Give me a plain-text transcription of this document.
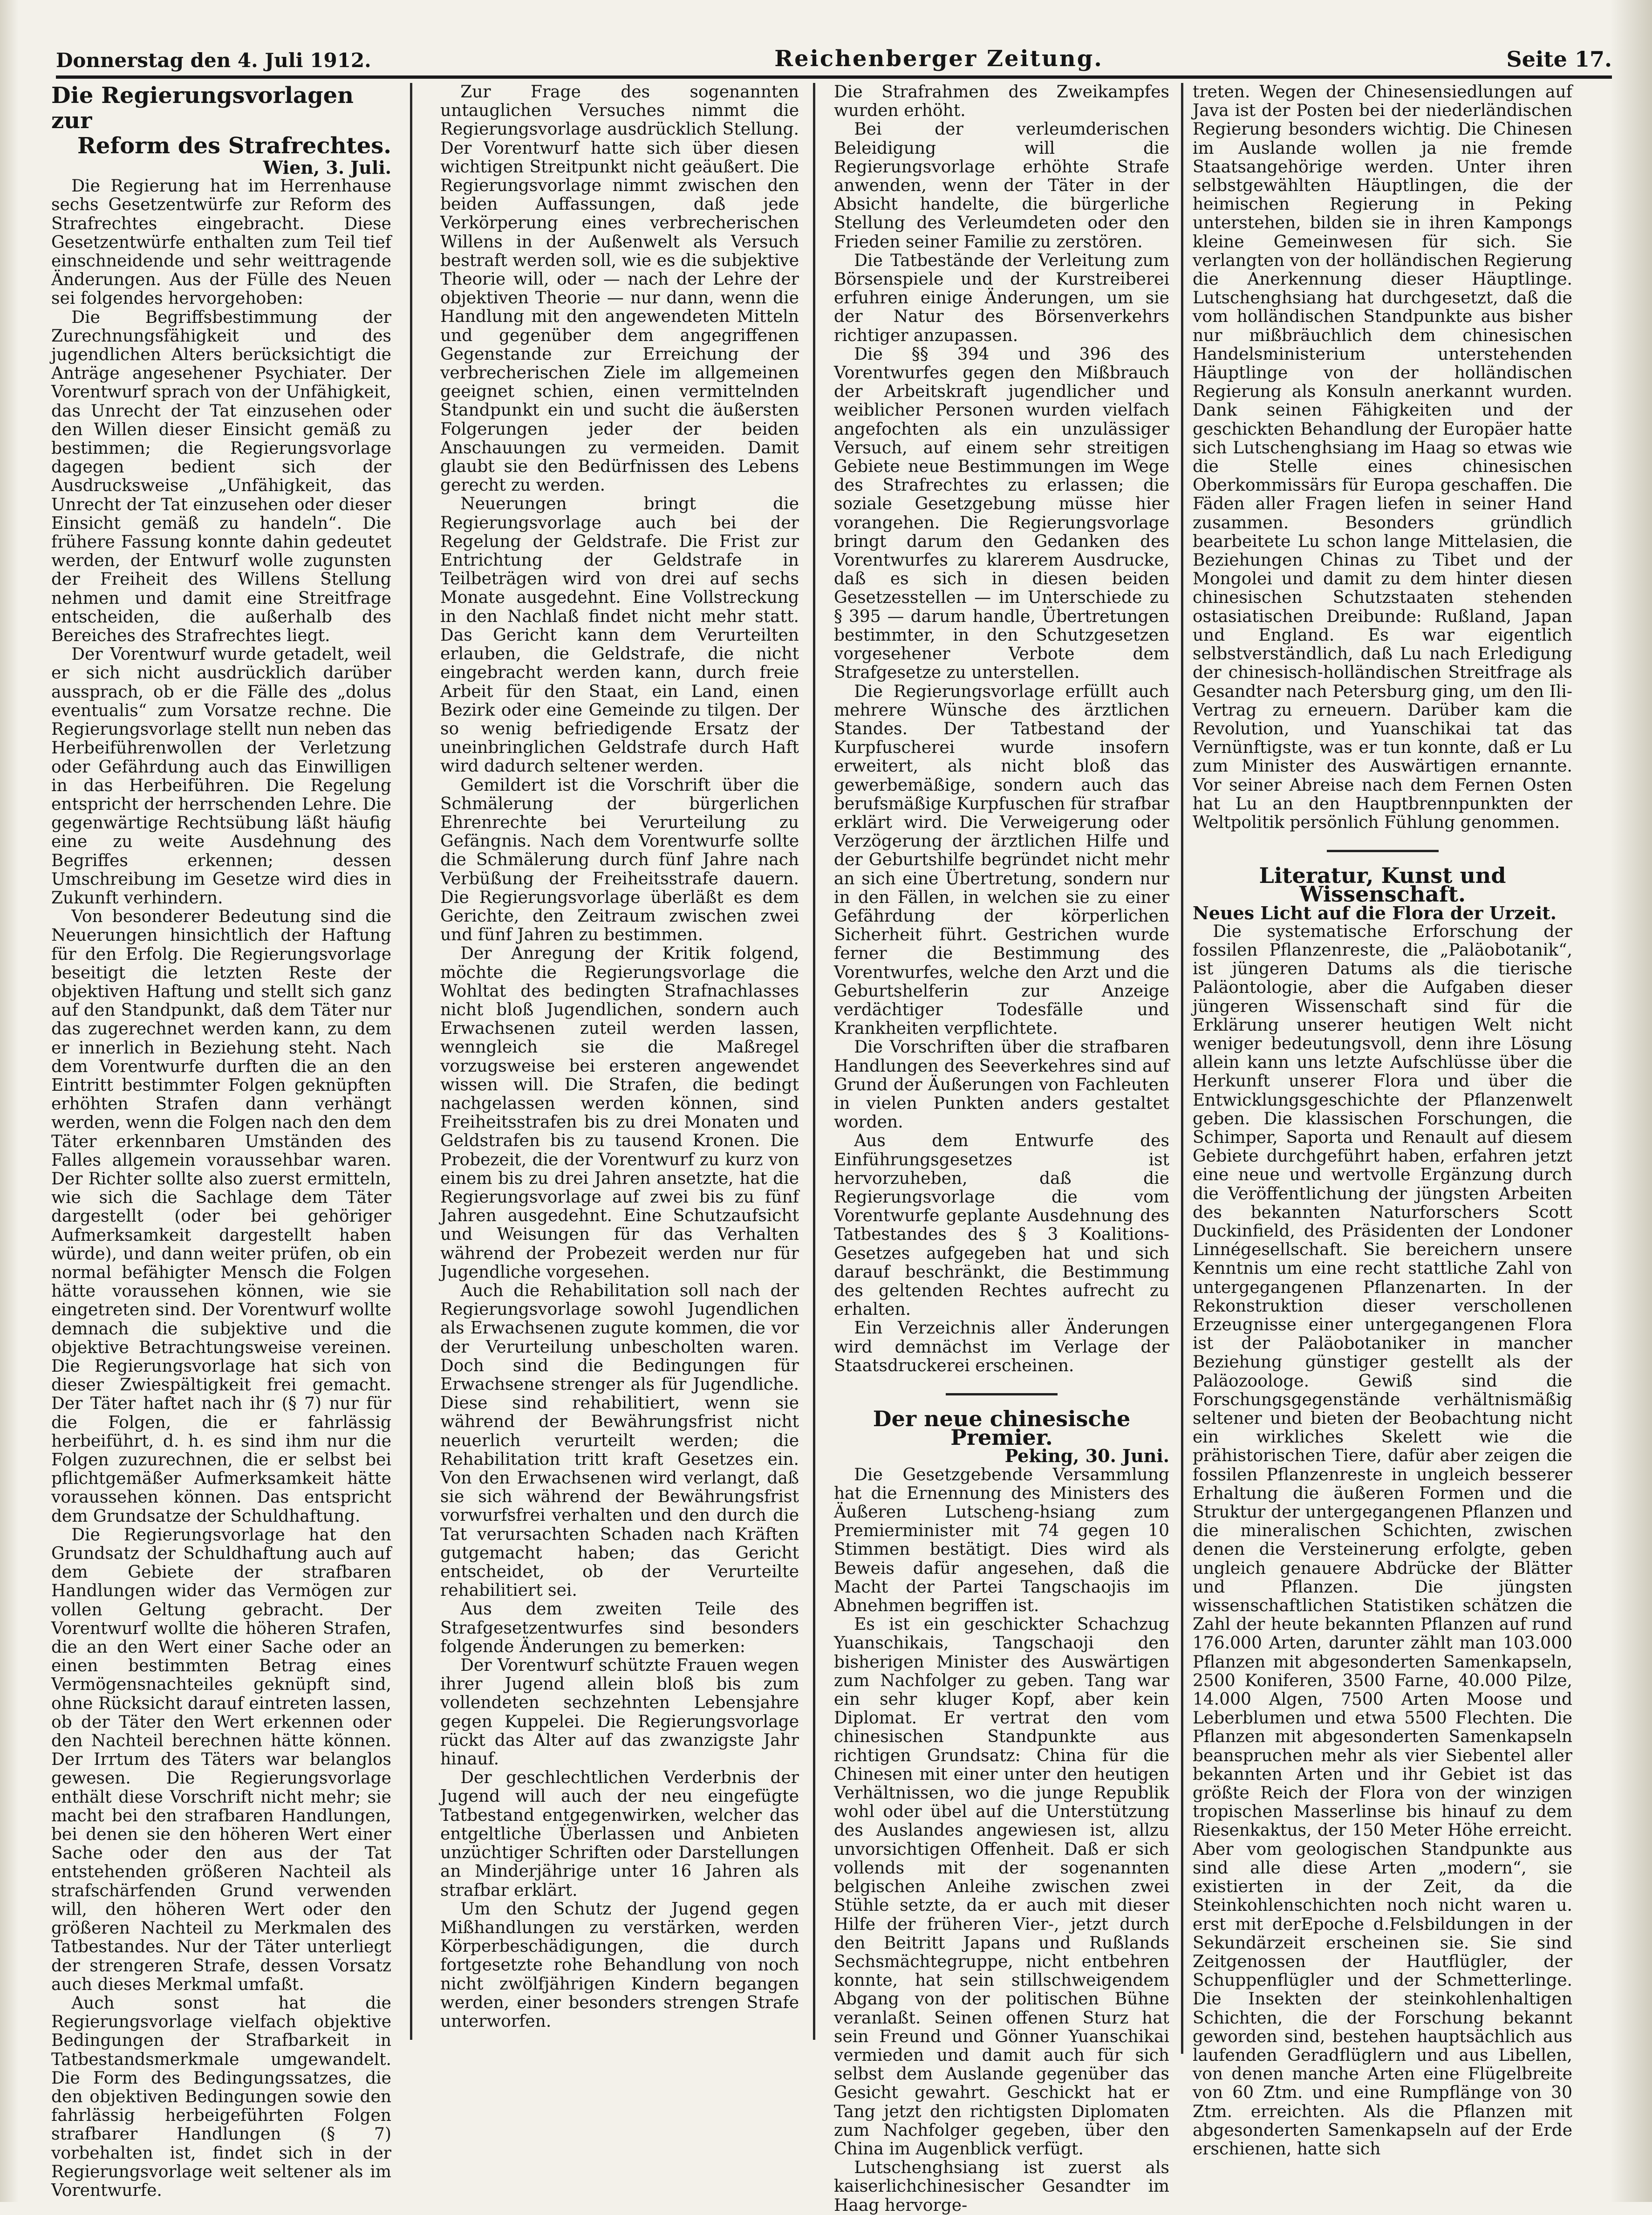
Donnerstag den 4. Juli 1912.	Reichenberger Zeitung.	Seite 17.
Die Regierungsvorlagen zur
Reform des Strafrechtes.
Wien, 3. Juli.

Die Regierung hat im Herrenhause sechs Gesetzentwürfe zur Reform des Strafrechtes eingebracht. Diese Gesetzentwürfe enthalten zum Teil tief einschneidende und sehr weittragende Änderungen. Aus der Fülle des Neuen sei folgendes hervorgehoben:

Die Begriffsbestimmung der Zurechnungsfähigkeit und des jugendlichen Alters berücksichtigt die Anträge angesehener Psychiater. Der Vorentwurf sprach von der Unfähigkeit, das Unrecht der Tat einzusehen oder den Willen dieser Einsicht gemäß zu bestimmen; die Regierungsvorlage dagegen bedient sich der Ausdrucksweise „Unfähigkeit, das Unrecht der Tat einzusehen oder dieser Einsicht gemäß zu handeln“. Die frühere Fassung konnte dahin gedeutet werden, der Entwurf wolle zugunsten der Freiheit des Willens Stellung nehmen und damit eine Streitfrage entscheiden, die außerhalb des Bereiches des Strafrechtes liegt.

Der Vorentwurf wurde getadelt, weil er sich nicht ausdrücklich darüber aussprach, ob er die Fälle des „dolus eventualis“ zum Vorsatze rechne. Die Regierungsvorlage stellt nun neben das Herbeiführenwollen der Verletzung oder Gefährdung auch das Einwilligen in das Herbeiführen. Die Regelung entspricht der herrschenden Lehre. Die gegenwärtige Rechtsübung läßt häufig eine zu weite Ausdehnung des Begriffes erkennen; dessen Umschreibung im Gesetze wird dies in Zukunft verhindern.

Von besonderer Bedeutung sind die Neuerungen hinsichtlich der Haftung für den Erfolg. Die Regierungsvorlage beseitigt die letzten Reste der objektiven Haftung und stellt sich ganz auf den Standpunkt, daß dem Täter nur das zugerechnet werden kann, zu dem er innerlich in Beziehung steht. Nach dem Vorentwurfe durften die an den Eintritt bestimmter Folgen geknüpften erhöhten Strafen dann verhängt werden, wenn die Folgen nach den dem Täter erkennbaren Umständen des Falles allgemein voraussehbar waren. Der Richter sollte also zuerst ermitteln, wie sich die Sachlage dem Täter dargestellt (oder bei gehöriger Aufmerksamkeit dargestellt haben würde), und dann weiter prüfen, ob ein normal befähigter Mensch die Folgen hätte voraussehen können, wie sie eingetreten sind. Der Vorentwurf wollte demnach die subjektive und die objektive Betrachtungsweise vereinen. Die Regierungsvorlage hat sich von dieser Zwiespältigkeit frei gemacht. Der Täter haftet nach ihr (§ 7) nur für die Folgen, die er fahrlässig herbeiführt, d. h. es sind ihm nur die Folgen zuzurechnen, die er selbst bei pflichtgemäßer Aufmerksamkeit hätte voraussehen können. Das entspricht dem Grundsatze der Schuldhaftung.

Die Regierungsvorlage hat den Grundsatz der Schuldhaftung auch auf dem Gebiete der strafbaren Handlungen wider das Vermögen zur vollen Geltung gebracht. Der Vorentwurf wollte die höheren Strafen, die an den Wert einer Sache oder an einen bestimmten Betrag eines Vermögensnachteiles geknüpft sind, ohne Rücksicht darauf eintreten lassen, ob der Täter den Wert erkennen oder den Nachteil berechnen hätte können. Der Irrtum des Täters war belanglos gewesen. Die Regierungsvorlage enthält diese Vorschrift nicht mehr; sie macht bei den strafbaren Handlungen, bei denen sie den höheren Wert einer Sache oder den aus der Tat entstehenden größeren Nachteil als strafschärfenden Grund verwenden will, den höheren Wert oder den größeren Nachteil zu Merkmalen des Tatbestandes. Nur der Täter unterliegt der strengeren Strafe, dessen Vorsatz auch dieses Merkmal umfaßt.

Auch sonst hat die Regierungsvorlage vielfach objektive Bedingungen der Strafbarkeit in Tatbestandsmerkmale umgewandelt. Die Form des Bedingungssatzes, die den objektiven Bedingungen sowie den fahrlässig herbeigeführten Folgen strafbarer Handlungen (§ 7) vorbehalten ist, findet sich in der Regierungsvorlage weit seltener als im Vorentwurfe.

Zur Frage des sogenannten untauglichen Versuches nimmt die Regierungsvorlage ausdrücklich Stellung. Der Vorentwurf hatte sich über diesen wichtigen Streitpunkt nicht geäußert. Die Regierungsvorlage nimmt zwischen den beiden Auffassungen, daß jede Verkörperung eines verbrecherischen Willens in der Außenwelt als Versuch bestraft werden soll, wie es die subjektive Theorie will, oder — nach der Lehre der objektiven Theorie — nur dann, wenn die Handlung mit den angewendeten Mitteln und gegenüber dem angegriffenen Gegenstande zur Erreichung der verbrecherischen Ziele im allgemeinen geeignet schien, einen vermittelnden Standpunkt ein und sucht die äußersten Folgerungen jeder der beiden Anschauungen zu vermeiden. Damit glaubt sie den Bedürfnissen des Lebens gerecht zu werden.

Neuerungen bringt die Regierungsvorlage auch bei der Regelung der Geldstrafe. Die Frist zur Entrichtung der Geldstrafe in Teilbeträgen wird von drei auf sechs Monate ausgedehnt. Eine Vollstreckung in den Nachlaß findet nicht mehr statt. Das Gericht kann dem Verurteilten erlauben, die Geldstrafe, die nicht eingebracht werden kann, durch freie Arbeit für den Staat, ein Land, einen Bezirk oder eine Gemeinde zu tilgen. Der so wenig befriedigende Ersatz der uneinbringlichen Geldstrafe durch Haft wird dadurch seltener werden.

Gemildert ist die Vorschrift über die Schmälerung der bürgerlichen Ehrenrechte bei Verurteilung zu Gefängnis. Nach dem Vorentwurfe sollte die Schmälerung durch fünf Jahre nach Verbüßung der Freiheitsstrafe dauern. Die Regierungsvorlage überläßt es dem Gerichte, den Zeitraum zwischen zwei und fünf Jahren zu bestimmen.

Der Anregung der Kritik folgend, möchte die Regierungsvorlage die Wohltat des bedingten Strafnachlasses nicht bloß Jugendlichen, sondern auch Erwachsenen zuteil werden lassen, wenngleich sie die Maßregel vorzugsweise bei ersteren angewendet wissen will. Die Strafen, die bedingt nachgelassen werden können, sind Freiheitsstrafen bis zu drei Monaten und Geldstrafen bis zu tausend Kronen. Die Probezeit, die der Vorentwurf zu kurz von einem bis zu drei Jahren ansetzte, hat die Regierungsvorlage auf zwei bis zu fünf Jahren ausgedehnt. Eine Schutzaufsicht und Weisungen für das Verhalten während der Probezeit werden nur für Jugendliche vorgesehen.

Auch die Rehabilitation soll nach der Regierungsvorlage sowohl Jugendlichen als Erwachsenen zugute kommen, die vor der Verurteilung unbescholten waren. Doch sind die Bedingungen für Erwachsene strenger als für Jugendliche. Diese sind rehabilitiert, wenn sie während der Bewährungsfrist nicht neuerlich verurteilt werden; die Rehabilitation tritt kraft Gesetzes ein. Von den Erwachsenen wird verlangt, daß sie sich während der Bewährungsfrist vorwurfsfrei verhalten und den durch die Tat verursachten Schaden nach Kräften gutgemacht haben; das Gericht entscheidet, ob der Verurteilte rehabilitiert sei.

Aus dem zweiten Teile des Strafgesetzentwurfes sind besonders folgende Änderungen zu bemerken:

Der Vorentwurf schützte Frauen wegen ihrer Jugend allein bloß bis zum vollendeten sechzehnten Lebensjahre gegen Kuppelei. Die Regierungsvorlage rückt das Alter auf das zwanzigste Jahr hinauf.

Der geschlechtlichen Verderbnis der Jugend will auch der neu eingefügte Tatbestand entgegenwirken, welcher das entgeltliche Überlassen und Anbieten unzüchtiger Schriften oder Darstellungen an Minderjährige unter 16 Jahren als strafbar erklärt.

Um den Schutz der Jugend gegen Mißhandlungen zu verstärken, werden Körperbeschädigungen, die durch fortgesetzte rohe Behandlung von noch nicht zwölfjährigen Kindern begangen werden, einer besonders strengen Strafe unterworfen.

Die Strafrahmen des Zweikampfes wurden erhöht.

Bei der verleumderischen Beleidigung will die Regierungsvorlage erhöhte Strafe anwenden, wenn der Täter in der Absicht handelte, die bürgerliche Stellung des Verleumdeten oder den Frieden seiner Familie zu zerstören.

Die Tatbestände der Verleitung zum Börsenspiele und der Kurstreiberei erfuhren einige Änderungen, um sie der Natur des Börsenverkehrs richtiger anzupassen.

Die §§ 394 und 396 des Vorentwurfes gegen den Mißbrauch der Arbeitskraft jugendlicher und weiblicher Personen wurden vielfach angefochten als ein unzulässiger Versuch, auf einem sehr streitigen Gebiete neue Bestimmungen im Wege des Strafrechtes zu erlassen; die soziale Gesetzgebung müsse hier vorangehen. Die Regierungsvorlage bringt darum den Gedanken des Vorentwurfes zu klarerem Ausdrucke, daß es sich in diesen beiden Gesetzesstellen — im Unterschiede zu § 395 — darum handle, Übertretungen bestimmter, in den Schutzgesetzen vorgesehener Verbote dem Strafgesetze zu unterstellen.

Die Regierungsvorlage erfüllt auch mehrere Wünsche des ärztlichen Standes. Der Tatbestand der Kurpfuscherei wurde insofern erweitert, als nicht bloß das gewerbemäßige, sondern auch das berufsmäßige Kurpfuschen für strafbar erklärt wird. Die Verweigerung oder Verzögerung der ärztlichen Hilfe und der Geburtshilfe begründet nicht mehr an sich eine Übertretung, sondern nur in den Fällen, in welchen sie zu einer Gefährdung der körperlichen Sicherheit führt. Gestrichen wurde ferner die Bestimmung des Vorentwurfes, welche den Arzt und die Geburtshelferin zur Anzeige verdächtiger Todesfälle und Krankheiten verpflichtete.

Die Vorschriften über die strafbaren Handlungen des Seeverkehres sind auf Grund der Äußerungen von Fachleuten in vielen Punkten anders gestaltet worden.

Aus dem Entwurfe des Einführungsgesetzes ist hervorzuheben, daß die Regierungsvorlage die vom Vorentwurfe geplante Ausdehnung des Tatbestandes des § 3 Koalitions-Gesetzes aufgegeben hat und sich darauf beschränkt, die Bestimmung des geltenden Rechtes aufrecht zu erhalten.

Ein Verzeichnis aller Änderungen wird demnächst im Verlage der Staatsdruckerei erscheinen.

Der neue chinesische Premier.
Peking, 30. Juni.

Die Gesetzgebende Versammlung hat die Ernennung des Ministers des Äußeren Lutscheng-hsiang zum Premierminister mit 74 gegen 10 Stimmen bestätigt. Dies wird als Beweis dafür angesehen, daß die Macht der Partei Tangschaojis im Abnehmen begriffen ist.

Es ist ein geschickter Schachzug Yuanschikais, Tangschaoji den bisherigen Minister des Auswärtigen zum Nachfolger zu geben. Tang war ein sehr kluger Kopf, aber kein Diplomat. Er vertrat den vom chinesischen Standpunkte aus richtigen Grundsatz: China für die Chinesen mit einer unter den heutigen Verhältnissen, wo die junge Republik wohl oder übel auf die Unterstützung des Auslandes angewiesen ist, allzu unvorsichtigen Offenheit. Daß er sich vollends mit der sogenannten belgischen Anleihe zwischen zwei Stühle setzte, da er auch mit dieser Hilfe der früheren Vier-, jetzt durch den Beitritt Japans und Rußlands Sechsmächtegruppe, nicht entbehren konnte, hat sein stillschweigendem Abgang von der politischen Bühne veranlaßt. Seinen offenen Sturz hat sein Freund und Gönner Yuanschikai vermieden und damit auch für sich selbst dem Auslande gegenüber das Gesicht gewahrt. Geschickt hat er Tang jetzt den richtigsten Diplomaten zum Nachfolger gegeben, über den China im Augenblick verfügt.

Lutschenghsiang ist zuerst als kaiserlichchinesischer Gesandter im Haag hervorge-

treten. Wegen der Chinesensiedlungen auf Java ist der Posten bei der niederländischen Regierung besonders wichtig. Die Chinesen im Auslande wollen ja nie fremde Staatsangehörige werden. Unter ihren selbstgewählten Häuptlingen, die der heimischen Regierung in Peking unterstehen, bilden sie in ihren Kampongs kleine Gemeinwesen für sich. Sie verlangten von der holländischen Regierung die Anerkennung dieser Häuptlinge. Lutschenghsiang hat durchgesetzt, daß die vom holländischen Standpunkte aus bisher nur mißbräuchlich dem chinesischen Handelsministerium unterstehenden Häuptlinge von der holländischen Regierung als Konsuln anerkannt wurden. Dank seinen Fähigkeiten und der geschickten Behandlung der Europäer hatte sich Lutschenghsiang im Haag so etwas wie die Stelle eines chinesischen Oberkommissärs für Europa geschaffen. Die Fäden aller Fragen liefen in seiner Hand zusammen. Besonders gründlich bearbeitete Lu schon lange Mittelasien, die Beziehungen Chinas zu Tibet und der Mongolei und damit zu dem hinter diesen chinesischen Schutzstaaten stehenden ostasiatischen Dreibunde: Rußland, Japan und England. Es war eigentlich selbstverständlich, daß Lu nach Erledigung der chinesisch-holländischen Streitfrage als Gesandter nach Petersburg ging, um den Ili-Vertrag zu erneuern. Darüber kam die Revolution, und Yuanschikai tat das Vernünftigste, was er tun konnte, daß er Lu zum Minister des Auswärtigen ernannte. Vor seiner Abreise nach dem Fernen Osten hat Lu an den Hauptbrennpunkten der Weltpolitik persönlich Fühlung genommen.

Literatur, Kunst und Wissenschaft.
Neues Licht auf die Flora der Urzeit.

Die systematische Erforschung der fossilen Pflanzenreste, die „Paläobotanik“, ist jüngeren Datums als die tierische Paläontologie, aber die Aufgaben dieser jüngeren Wissenschaft sind für die Erklärung unserer heutigen Welt nicht weniger bedeutungsvoll, denn ihre Lösung allein kann uns letzte Aufschlüsse über die Herkunft unserer Flora und über die Entwicklungsgeschichte der Pflanzenwelt geben. Die klassischen Forschungen, die Schimper, Saporta und Renault auf diesem Gebiete durchgeführt haben, erfahren jetzt eine neue und wertvolle Ergänzung durch die Veröffentlichung der jüngsten Arbeiten des bekannten Naturforschers Scott Duckinfield, des Präsidenten der Londoner Linnégesellschaft. Sie bereichern unsere Kenntnis um eine recht stattliche Zahl von untergegangenen Pflanzenarten. In der Rekonstruktion dieser verschollenen Erzeugnisse einer untergegangenen Flora ist der Paläobotaniker in mancher Beziehung günstiger gestellt als der Paläozoologe. Gewiß sind die Forschungsgegenstände verhältnismäßig seltener und bieten der Beobachtung nicht ein wirkliches Skelett wie die prähistorischen Tiere, dafür aber zeigen die fossilen Pflanzenreste in ungleich besserer Erhaltung die äußeren Formen und die Struktur der untergegangenen Pflanzen und die mineralischen Schichten, zwischen denen die Versteinerung erfolgte, geben ungleich genauere Abdrücke der Blätter und Pflanzen. Die jüngsten wissenschaftlichen Statistiken schätzen die Zahl der heute bekannten Pflanzen auf rund 176.000 Arten, darunter zählt man 103.000 Pflanzen mit abgesonderten Samenkapseln, 2500 Koniferen, 3500 Farne, 40.000 Pilze, 14.000 Algen, 7500 Arten Moose und Leberblumen und etwa 5500 Flechten. Die Pflanzen mit abgesonderten Samenkapseln beanspruchen mehr als vier Siebentel aller bekannten Arten und ihr Gebiet ist das größte Reich der Flora von der winzigen tropischen Masserlinse bis hinauf zu dem Riesenkaktus, der 150 Meter Höhe erreicht. Aber vom geologischen Standpunkte aus sind alle diese Arten „modern“, sie existierten in der Zeit, da die Steinkohlenschichten noch nicht waren u. erst mit derEpoche d.Felsbildungen in der Sekundärzeit erscheinen sie. Sie sind Zeitgenossen der Hautflügler, der Schuppenflügler und der Schmetterlinge. Die Insekten der steinkohlenhaltigen Schichten, die der Forschung bekannt geworden sind, bestehen hauptsächlich aus laufenden Geradflüglern und aus Libellen, von denen manche Arten eine Flügelbreite von 60 Ztm. und eine Rumpflänge von 30 Ztm. erreichten. Als die Pflanzen mit abgesonderten Samenkapseln auf der Erde erschienen, hatte sich
